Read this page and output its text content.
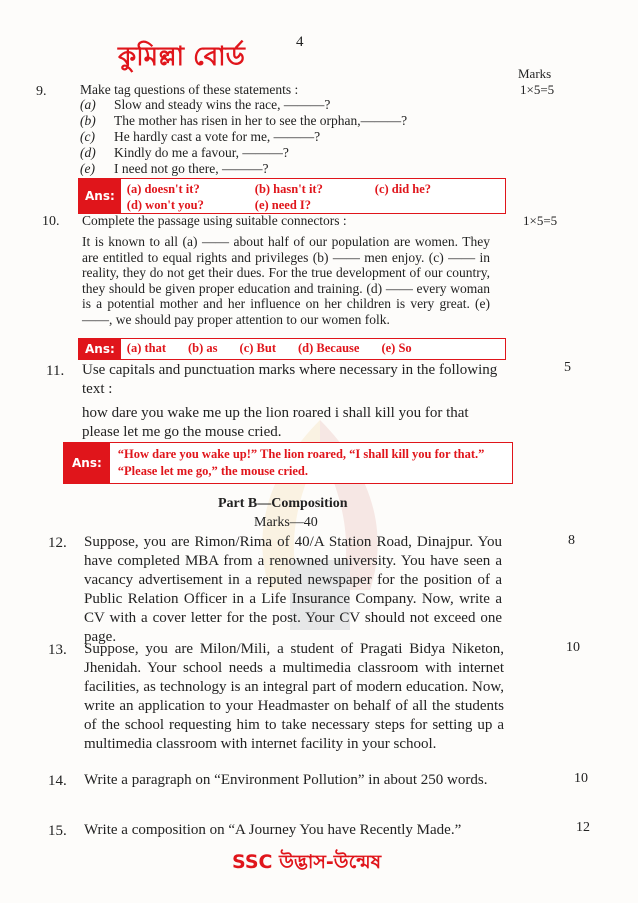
কুমিল্লা বোর্ড	4
Marks
9. Make tag questions of these statements :	1×5=5
(a) Slow and steady wins the race, ———?
(b) The mother has risen in her to see the orphan,———?
(c) He hardly cast a vote for me, ———?
(d) Kindly do me a favour, ———?
(e) I need not go there, ———?
Ans: (a) doesn't it?	(b) hasn't it?	(c) did he?
(d) won't you?	(e) need I?
10. Complete the passage using suitable connectors :	1×5=5
It is known to all (a) —— about half of our population are women. They are entitled to equal rights and privileges (b) —— men enjoy. (c) —— in reality, they do not get their dues. For the true development of our country, they should be given proper education and training. (d) —— every woman is a potential mother and her influence on her children is very great. (e) ——, we should pay proper attention to our women folk.
Ans: (a) that (b) as (c) But (d) Because (e) So
11. Use capitals and punctuation marks where necessary in the following text :
5
how dare you wake me up the lion roared i shall kill you for that please let me go the mouse cried.
Ans:
“How dare you wake up!” The lion roared, “I shall kill you for that.” “Please let me go,” the mouse cried.
Part B—Composition
Marks—40
12. Suppose, you are Rimon/Rima of 40/A Station Road, Dinajpur. You have completed MBA from a renowned university. You have seen a vacancy advertisement in a reputed newspaper for the position of a Public Relation Officer in a Life Insurance Company. Now, write a CV with a cover letter for the post. Your CV should not exceed one page.
8
13. Suppose, you are Milon/Mili, a student of Pragati Bidya Niketon, Jhenidah. Your school needs a multimedia classroom with internet facilities, as technology is an integral part of modern education. Now, write an application to your Headmaster on behalf of all the students of the school requesting him to take necessary steps for setting up a multimedia classroom with internet facility in your school.
10
14. Write a paragraph on “Environment Pollution” in about 250 words.	10
15. Write a composition on “A Journey You have Recently Made.”	12
SSC উদ্ভাস-উন্মেষ
